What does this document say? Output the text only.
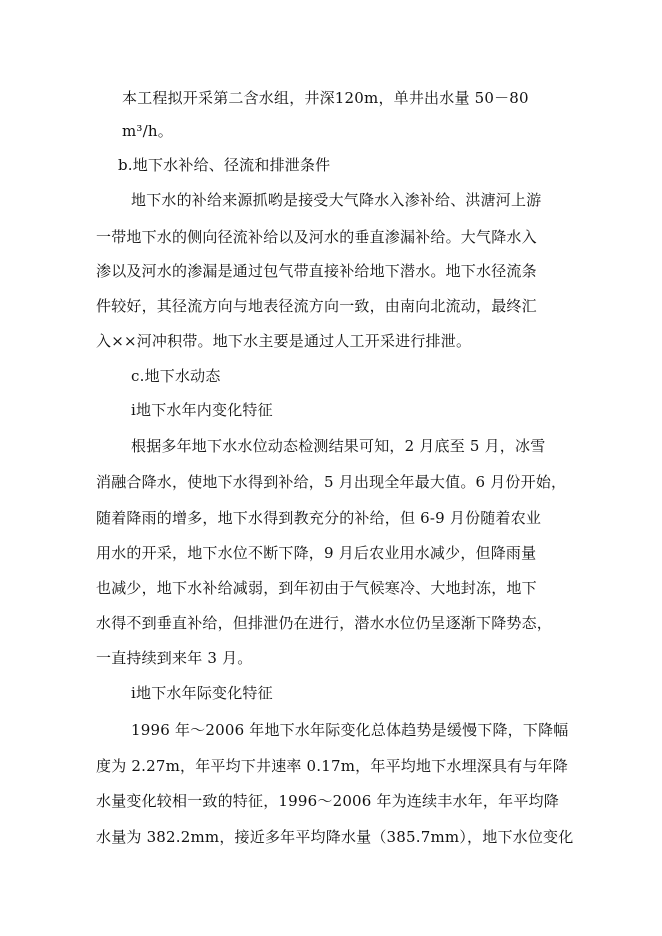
本工程拟开采第二含水组，井深120m，单井出水量 50－80
m³/h。
b.地下水补给、径流和排泄条件
地下水的补给来源抓哟是接受大气降水入渗补给、洪溏河上游
一带地下水的侧向径流补给以及河水的垂直渗漏补给。大气降水入
渗以及河水的渗漏是通过包气带直接补给地下潜水。地下水径流条
件较好，其径流方向与地表径流方向一致，由南向北流动，最终汇
入××河冲积带。地下水主要是通过人工开采进行排泄。
c.地下水动态
ⅰ地下水年内变化特征
根据多年地下水水位动态检测结果可知，2 月底至 5 月，冰雪
消融合降水，使地下水得到补给，5 月出现全年最大值。6 月份开始，
随着降雨的增多，地下水得到教充分的补给，但 6-9 月份随着农业
用水的开采，地下水位不断下降，9 月后农业用水减少，但降雨量
也减少，地下水补给减弱，到年初由于气候寒冷、大地封冻，地下
水得不到垂直补给，但排泄仍在进行，潜水水位仍呈逐渐下降势态，
一直持续到来年 3 月。
ⅰ地下水年际变化特征
1996 年～2006 年地下水年际变化总体趋势是缓慢下降，下降幅
度为 2.27m，年平均下井速率 0.17m，年平均地下水埋深具有与年降
水量变化较相一致的特征，1996～2006 年为连续丰水年，年平均降
水量为 382.2mm，接近多年平均降水量（385.7mm），地下水位变化
